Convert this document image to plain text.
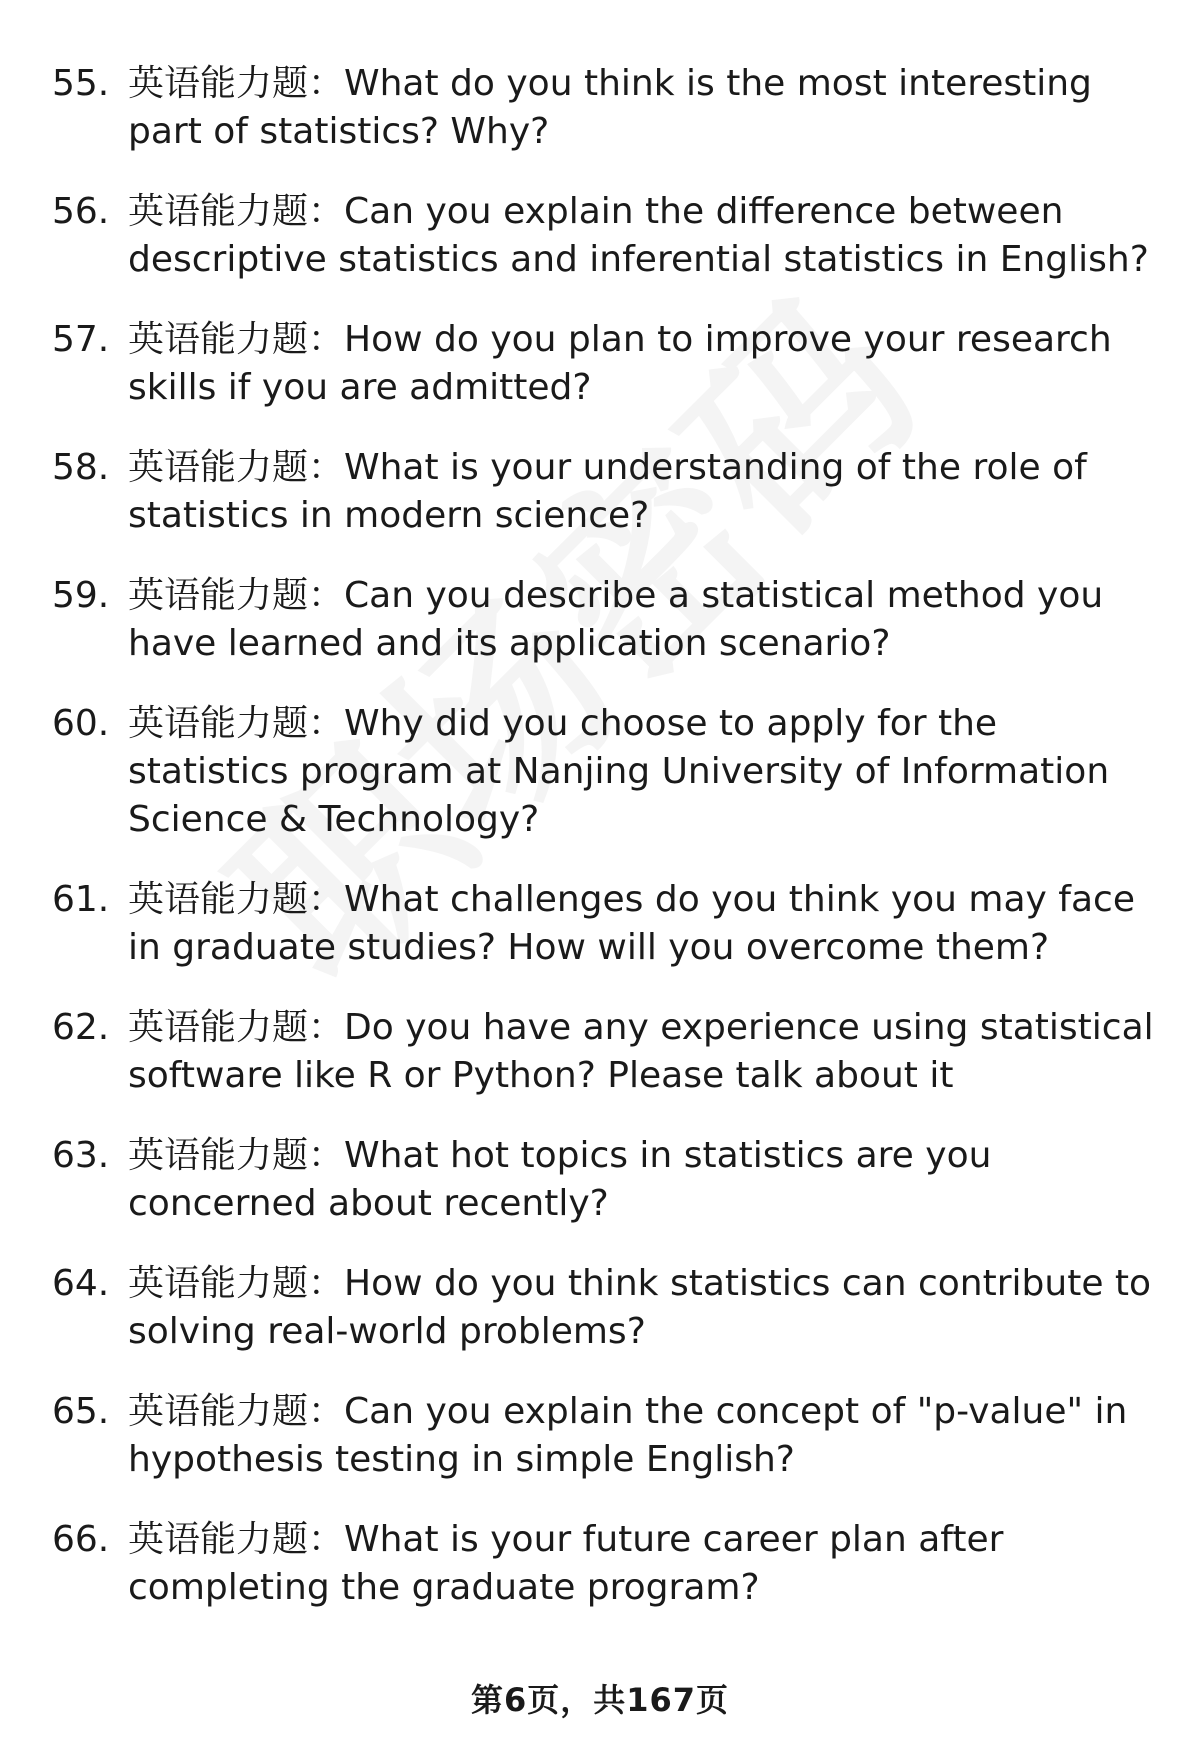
55. 英语能力题：What do you think is the most interesting part of statistics? Why?
56. 英语能力题：Can you explain the difference between descriptive statistics and inferential statistics in English?
57. 英语能力题：How do you plan to improve your research skills if you are admitted?
58. 英语能力题：What is your understanding of the role of statistics in modern science?
59. 英语能力题：Can you describe a statistical method you have learned and its application scenario?
60. 英语能力题：Why did you choose to apply for the statistics program at Nanjing University of Information Science & Technology?
61. 英语能力题：What challenges do you think you may face in graduate studies? How will you overcome them?
62. 英语能力题：Do you have any experience using statistical software like R or Python? Please talk about it
63. 英语能力题：What hot topics in statistics are you concerned about recently?
64. 英语能力题：How do you think statistics can contribute to solving real-world problems?
65. 英语能力题：Can you explain the concept of "p-value" in hypothesis testing in simple English?
66. 英语能力题：What is your future career plan after completing the graduate program?
第6页，共167页
